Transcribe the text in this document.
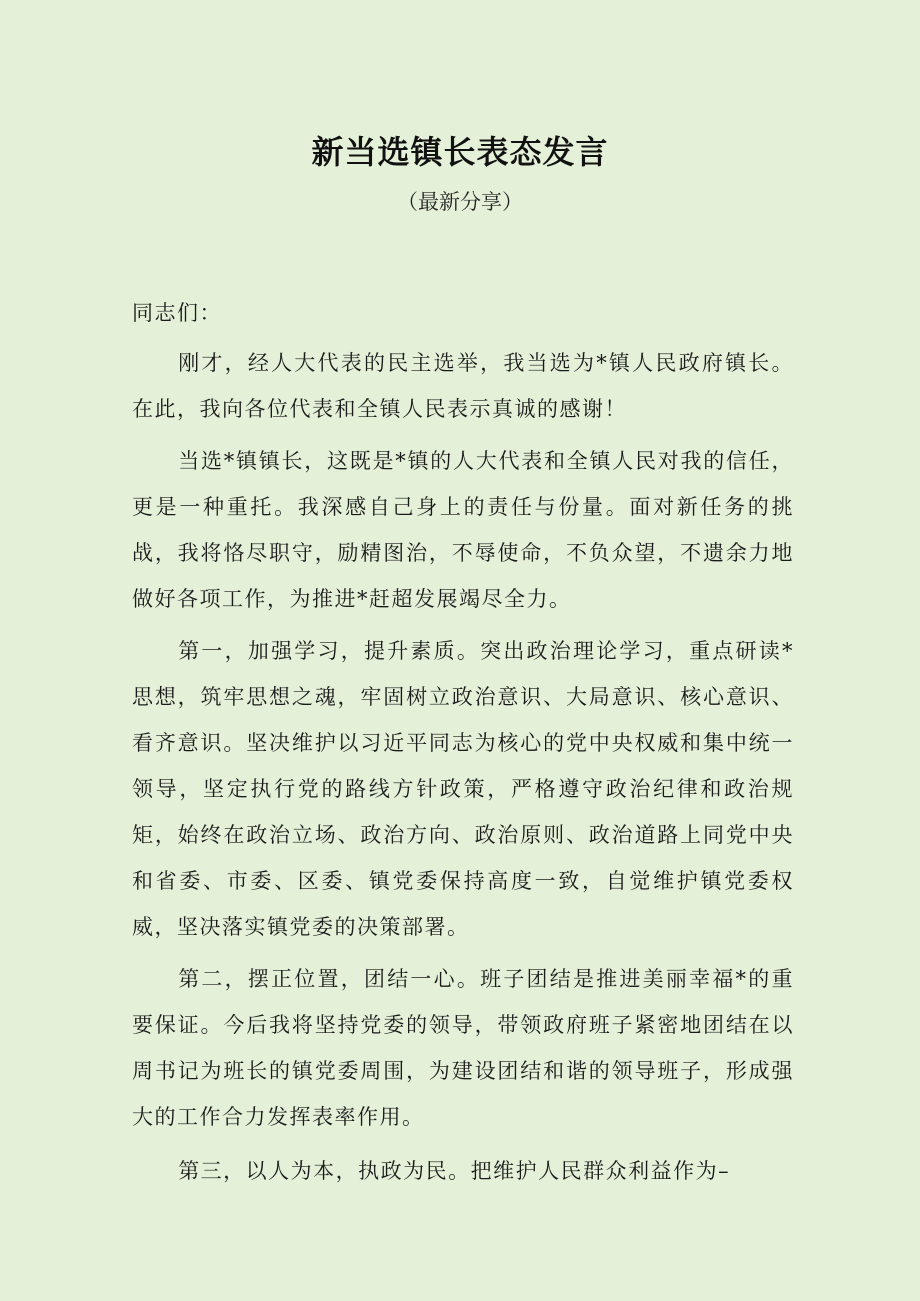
新当选镇长表态发言

（最新分享）

同志们：

刚才，经人大代表的民主选举，我当选为*镇人民政府镇长。在此，我向各位代表和全镇人民表示真诚的感谢！

当选*镇镇长，这既是*镇的人大代表和全镇人民对我的信任，更是一种重托。我深感自己身上的责任与份量。面对新任务的挑战，我将恪尽职守，励精图治，不辱使命，不负众望，不遗余力地做好各项工作，为推进*赶超发展竭尽全力。

第一，加强学习，提升素质。突出政治理论学习，重点研读*思想，筑牢思想之魂，牢固树立政治意识、大局意识、核心意识、看齐意识。坚决维护以习近平同志为核心的党中央权威和集中统一领导，坚定执行党的路线方针政策，严格遵守政治纪律和政治规矩，始终在政治立场、政治方向、政治原则、政治道路上同党中央和省委、市委、区委、镇党委保持高度一致，自觉维护镇党委权威，坚决落实镇党委的决策部署。

第二，摆正位置，团结一心。班子团结是推进美丽幸福*的重要保证。今后我将坚持党委的领导，带领政府班子紧密地团结在以周书记为班长的镇党委周围，为建设团结和谐的领导班子，形成强大的工作合力发挥表率作用。

第三，以人为本，执政为民。把维护人民群众利益作为–
